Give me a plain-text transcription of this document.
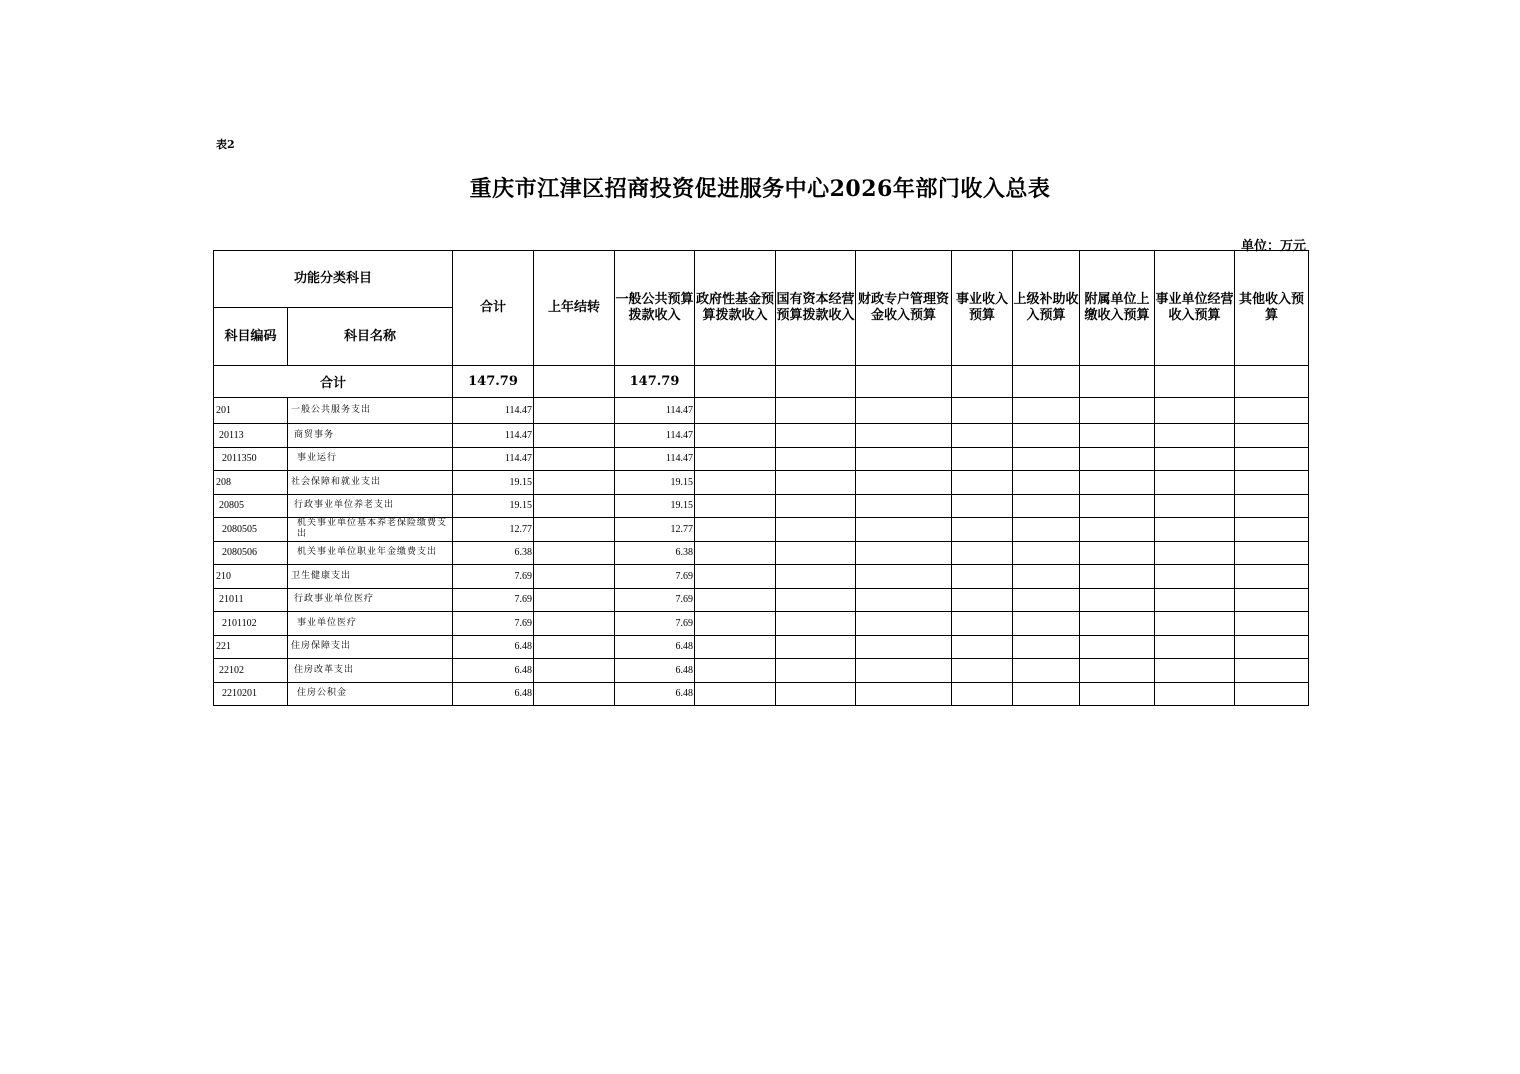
表2
重庆市江津区招商投资促进服务中心2026年部门收入总表
单位：万元
功能分类科目		合计	上年结转	一般公共预算拨款收入	政府性基金预算拨款收入	国有资本经营预算拨款收入	财政专户管理资金收入预算	事业收入预算	上级补助收入预算	附属单位上缴收入预算	事业单位经营收入预算	其他收入预算
科目编码	科目名称											
合计		147.79		147.79								
201	一般公共服务支出	114.47		114.47								
20113	商贸事务	114.47		114.47								
2011350	事业运行	114.47		114.47								
208	社会保障和就业支出	19.15		19.15								
20805	行政事业单位养老支出	19.15		19.15								
2080505	机关事业单位基本养老保险缴费支出	12.77		12.77								
2080506	机关事业单位职业年金缴费支出	6.38		6.38								
210	卫生健康支出	7.69		7.69								
21011	行政事业单位医疗	7.69		7.69								
2101102	事业单位医疗	7.69		7.69								
221	住房保障支出	6.48		6.48								
22102	住房改革支出	6.48		6.48								
2210201	住房公积金	6.48		6.48								
